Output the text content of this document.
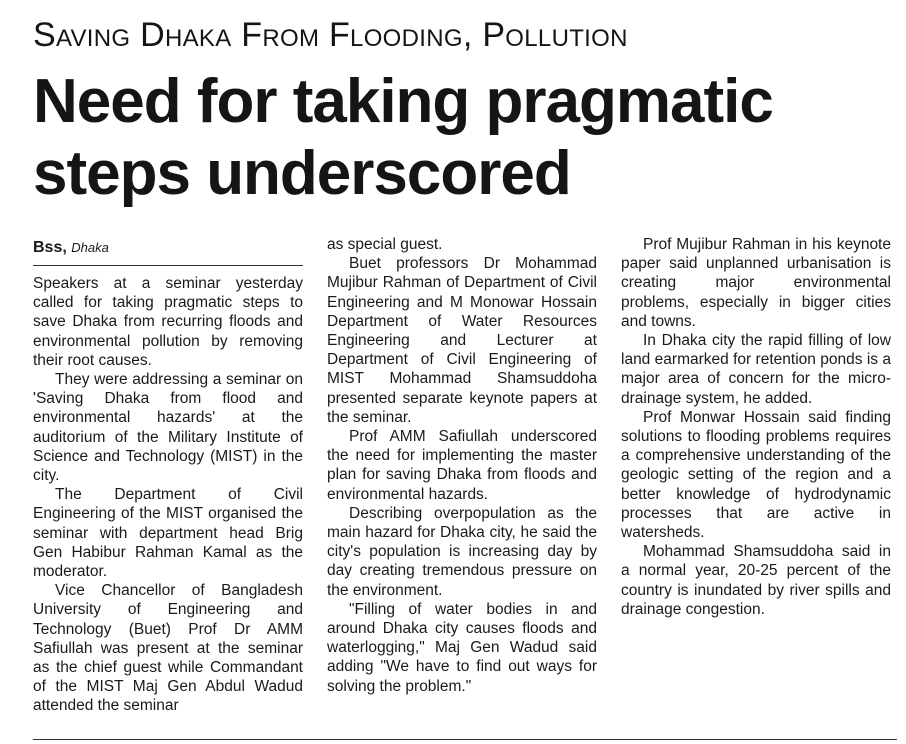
Saving Dhaka From Flooding, Pollution
Need for taking pragmatic steps underscored
Bss, Dhaka

Speakers at a seminar yesterday called for taking pragmatic steps to save Dhaka from recurring floods and environmental pollution by removing their root causes.

They were addressing a seminar on 'Saving Dhaka from flood and environmental hazards' at the auditorium of the Military Institute of Science and Technology (MIST) in the city.

The Department of Civil Engineering of the MIST organised the seminar with department head Brig Gen Habibur Rahman Kamal as the moderator.

Vice Chancellor of Bangladesh University of Engineering and Technology (Buet) Prof Dr AMM Safiullah was present at the seminar as the chief guest while Commandant of the MIST Maj Gen Abdul Wadud attended the seminar

as special guest.

Buet professors Dr Mohammad Mujibur Rahman of Department of Civil Engineering and M Monowar Hossain Department of Water Resources Engineering and Lecturer at Department of Civil Engineering of MIST Mohammad Shamsuddoha presented separate keynote papers at the seminar.

Prof AMM Safiullah underscored the need for implementing the master plan for saving Dhaka from floods and environmental hazards.

Describing overpopulation as the main hazard for Dhaka city, he said the city's population is increasing day by day creating tremendous pressure on the environment.

"Filling of water bodies in and around Dhaka city causes floods and waterlogging," Maj Gen Wadud said adding "We have to find out ways for solving the problem."

Prof Mujibur Rahman in his keynote paper said unplanned urbanisation is creating major environmental problems, especially in bigger cities and towns.

In Dhaka city the rapid filling of low land earmarked for retention ponds is a major area of concern for the micro-drainage system, he added.

Prof Monwar Hossain said finding solutions to flooding problems requires a comprehensive understanding of the geologic setting of the region and a better knowledge of hydrodynamic processes that are active in watersheds.

Mohammad Shamsuddoha said in a normal year, 20-25 percent of the country is inundated by river spills and drainage congestion.
